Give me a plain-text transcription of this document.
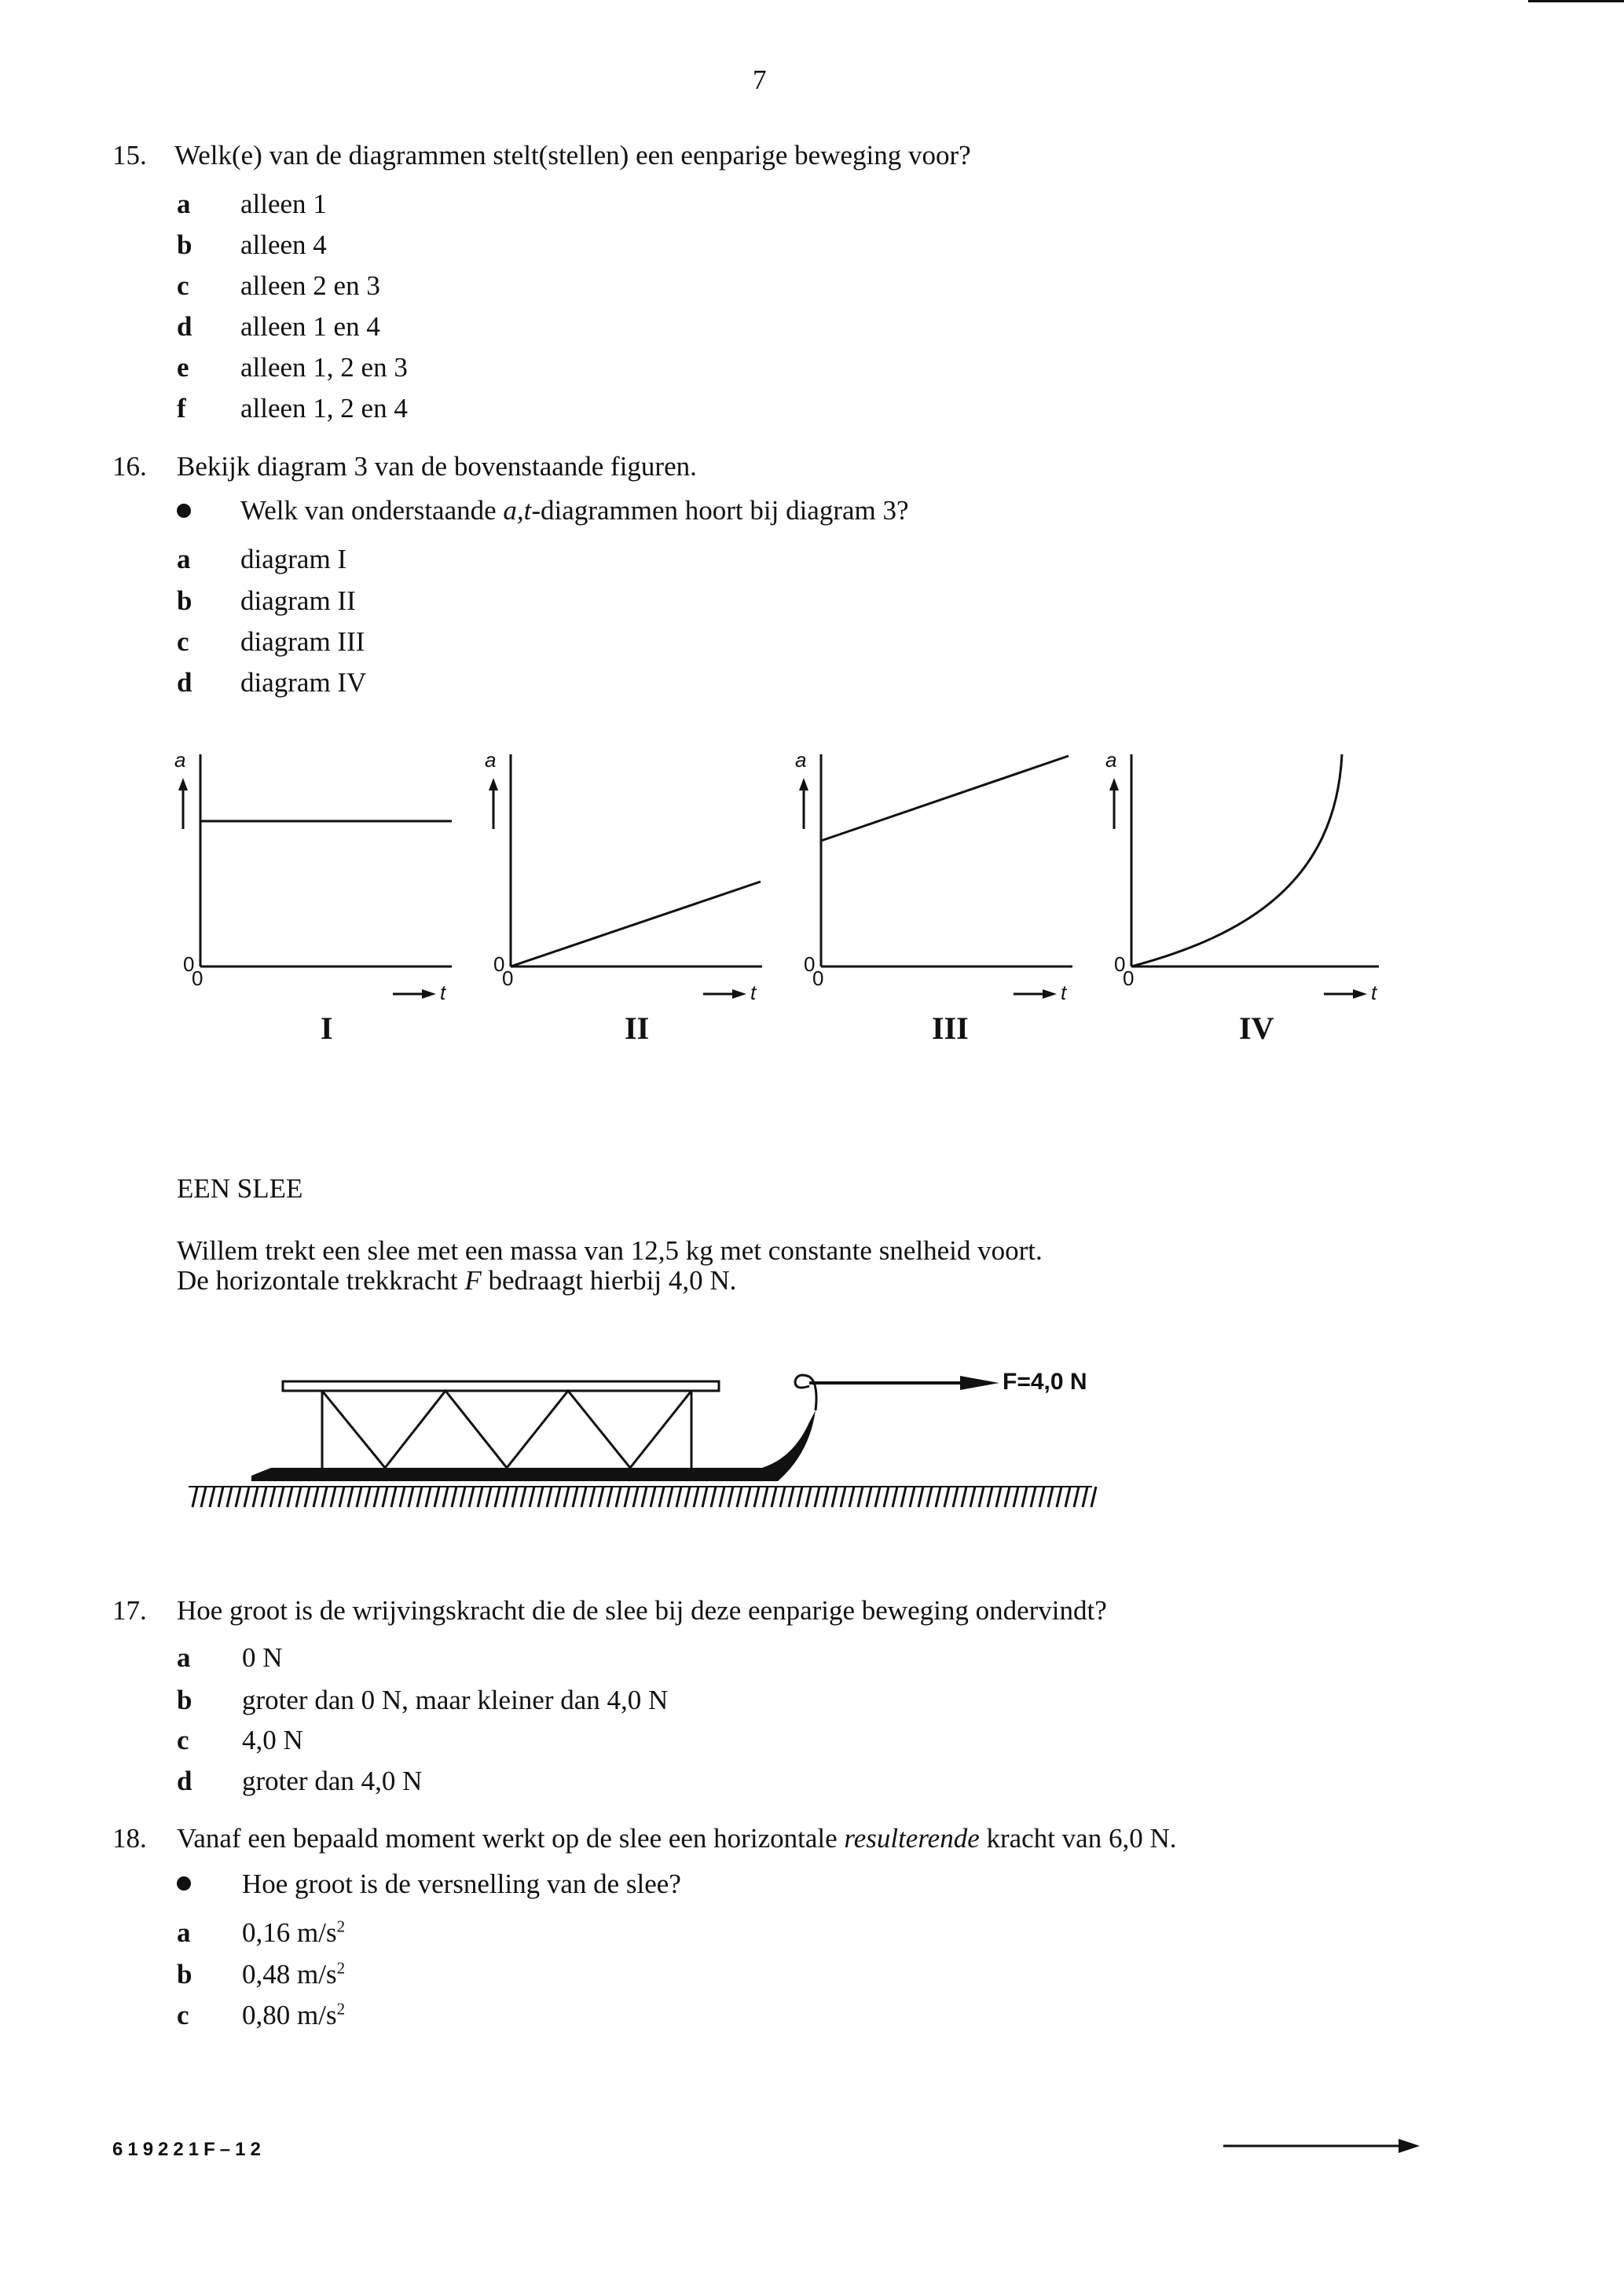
7
15. Welk(e) van de diagrammen stelt(stellen) een eenparige beweging voor?
a alleen 1
b alleen 4
c alleen 2 en 3
d alleen 1 en 4
e alleen 1, 2 en 3
f alleen 1, 2 en 4
16. Bekijk diagram 3 van de bovenstaande figuren.
Welk van onderstaande a,t-diagrammen hoort bij diagram 3?
a diagram I
b diagram II
c diagram III
d diagram IV
a	a	a	a
0
0
0
0
0
0
0
0
t	t	t	t
I	II	III	IV
EEN SLEE
Willem trekt een slee met een massa van 12,5 kg met constante snelheid voort.
De horizontale trekkracht F bedraagt hierbij 4,0 N.
F=4,0 N
17. Hoe groot is de wrijvingskracht die de slee bij deze eenparige beweging ondervindt?
a 0 N
b groter dan 0 N, maar kleiner dan 4,0 N
c 4,0 N
d groter dan 4,0 N
18. Vanaf een bepaald moment werkt op de slee een horizontale resulterende kracht van 6,0 N.
Hoe groot is de versnelling van de slee?
a 0,16 $m/s^2$
b 0,48 $m/s^2$
c 0,80 $m/s^2$
619221F–12
